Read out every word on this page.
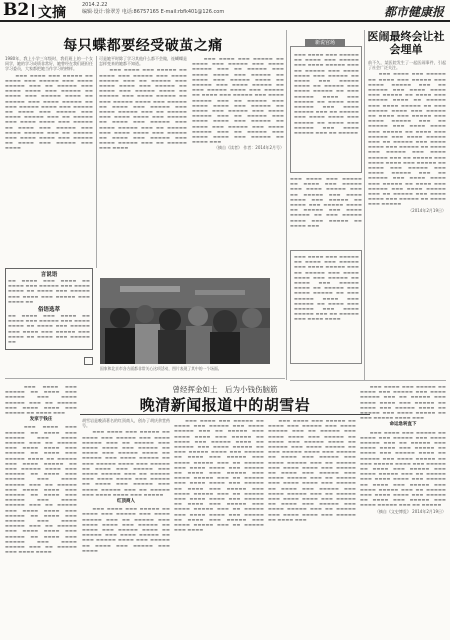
B2 文摘	2014.2.22
编辑·设计:徐翠芳 电话:86757165 E-mail:rbfk401@126.com	都市健康报
每只蝶都要经受破茧之痛

1980年，我上小学三年级时，我们班上的一个女同学，她的学习成绩非常好，她曾经在我们班担任学习委员，大家都把她当作学习的榜样。

　　▬▬▬ ▬▬▬▬ ▬▬▬ ▬▬▬▬▬ ▬▬ ▬▬▬▬ ▬▬▬ ▬▬▬▬▬ ▬▬▬ ▬▬▬▬ ▬▬▬▬▬ ▬▬▬ ▬▬ ▬▬▬▬▬ ▬▬▬ ▬▬▬▬ ▬▬▬▬ ▬▬▬ ▬▬▬▬▬ ▬▬ ▬▬▬▬ ▬▬▬ ▬▬▬▬▬ ▬▬▬▬ ▬▬ ▬▬▬▬▬ ▬▬▬ ▬▬▬▬ ▬▬▬▬▬ ▬▬ ▬▬▬ ▬▬▬▬▬ ▬▬▬▬ ▬▬▬ ▬▬▬▬▬ ▬▬ ▬▬▬▬ ▬▬▬ ▬▬▬▬▬ ▬▬▬ ▬▬▬▬ ▬▬▬▬▬ ▬▬▬ ▬▬ ▬▬▬▬▬ ▬▬▬ ▬▬▬▬ ▬▬▬▬ ▬▬▬ ▬▬▬▬▬ ▬▬ ▬▬▬▬ ▬▬▬ ▬▬▬▬▬ ▬▬▬ ▬▬▬▬ ▬▬▬▬▬ ▬▬▬ ▬▬ ▬▬▬▬▬ ▬▬▬ ▬▬▬▬ ▬▬▬▬ ▬▬▬ ▬▬▬▬▬ ▬▬ ▬▬▬▬ ▬▬▬ ▬▬▬▬▬ ▬▬▬ ▬▬▬▬

可是她平时除了学习其他什么都不会做，连蝴蝶是怎样变来的她都不知道。

　　▬▬▬ ▬▬▬▬ ▬▬▬ ▬▬▬▬▬ ▬▬ ▬▬▬▬ ▬▬▬ ▬▬▬▬▬ ▬▬▬ ▬▬▬▬ ▬▬▬▬▬ ▬▬▬ ▬▬ ▬▬▬▬▬ ▬▬▬ ▬▬▬▬ ▬▬▬▬ ▬▬▬ ▬▬▬▬▬ ▬▬ ▬▬▬▬ ▬▬▬ ▬▬▬▬▬ ▬▬▬▬ ▬▬ ▬▬▬▬▬ ▬▬▬ ▬▬▬▬ ▬▬▬▬▬ ▬▬ ▬▬▬ ▬▬▬▬▬ ▬▬▬▬ ▬▬▬ ▬▬▬▬▬ ▬▬ ▬▬▬▬ ▬▬▬ ▬▬▬▬▬ ▬▬▬ ▬▬▬▬ ▬▬▬▬▬ ▬▬▬ ▬▬ ▬▬▬▬▬ ▬▬▬ ▬▬▬▬ ▬▬▬▬ ▬▬▬ ▬▬▬▬▬ ▬▬ ▬▬▬▬ ▬▬▬ ▬▬▬▬▬ ▬▬▬ ▬▬▬▬ ▬▬▬▬▬ ▬▬▬ ▬▬ ▬▬▬▬▬ ▬▬▬ ▬▬▬▬ ▬▬▬▬ ▬▬▬ ▬▬▬▬▬ ▬▬ ▬▬▬▬ ▬▬▬ ▬▬▬▬▬ ▬▬▬ ▬▬▬▬ ▬▬▬▬▬ ▬▬▬ ▬▬ ▬▬▬▬▬ ▬▬▬ ▬▬▬▬

　　▬▬▬ ▬▬▬▬ ▬▬▬ ▬▬▬▬▬ ▬▬ ▬▬▬▬ ▬▬▬ ▬▬▬▬▬ ▬▬▬ ▬▬▬▬ ▬▬▬▬▬ ▬▬▬ ▬▬ ▬▬▬▬▬ ▬▬▬ ▬▬▬▬ ▬▬▬▬ ▬▬▬ ▬▬▬▬▬ ▬▬ ▬▬▬▬ ▬▬▬ ▬▬▬▬▬ ▬▬▬▬ ▬▬ ▬▬▬▬▬ ▬▬▬ ▬▬▬▬ ▬▬▬▬▬ ▬▬ ▬▬▬ ▬▬▬▬▬ ▬▬▬▬ ▬▬▬ ▬▬▬▬▬ ▬▬ ▬▬▬▬ ▬▬▬ ▬▬▬▬▬ ▬▬▬ ▬▬▬▬ ▬▬▬▬▬ ▬▬▬ ▬▬ ▬▬▬▬▬ ▬▬▬ ▬▬▬▬ ▬▬▬▬ ▬▬▬ ▬▬▬▬▬ ▬▬ ▬▬▬▬ ▬▬▬ ▬▬▬▬▬ ▬▬▬ ▬▬▬▬ ▬▬▬▬▬ ▬▬▬ ▬▬ ▬▬▬▬▬ ▬▬▬ ▬▬▬▬ ▬▬▬▬ ▬▬▬ ▬▬▬▬▬ ▬▬ ▬▬▬▬ ▬▬▬ ▬▬▬▬▬ ▬▬▬ ▬▬▬▬ ▬▬▬▬▬ ▬▬▬ ▬▬ ▬▬▬▬▬ ▬▬▬ ▬▬▬▬ ▬▬▬▬ ▬▬▬ ▬▬▬▬▬ ▬▬ ▬▬▬▬ ▬▬▬

（摘自《读者》 作者：2014年2月号）

言说语
▬▬ ▬▬▬▬ ▬▬▬ ▬▬▬▬ ▬▬ ▬▬▬▬ ▬▬▬ ▬▬▬▬▬ ▬▬▬ ▬▬▬▬ ▬▬▬▬ ▬▬ ▬▬▬▬ ▬▬▬ ▬▬▬▬▬ ▬▬▬ ▬▬▬▬ ▬▬▬ ▬▬▬▬▬ ▬▬▬ ▬▬▬▬ ▬▬
俗语选萃
▬▬ ▬▬▬▬ ▬▬▬ ▬▬▬▬ ▬▬ ▬▬▬▬ ▬▬▬ ▬▬▬▬▬ ▬▬▬ ▬▬▬▬ ▬▬▬▬ ▬▬ ▬▬▬▬ ▬▬▬ ▬▬▬▬▬ ▬▬▬ ▬▬▬▬ ▬▬▬ ▬▬▬▬▬ ▬▬▬ ▬▬▬▬ ▬▬ ▬▬▬▬ ▬▬▬ ▬▬▬▬▬ ▬▬
国家和北京市各方面都非常关心这项活动，图片表现了其中的一个场面。
新说官场
▬▬▬ ▬▬▬▬ ▬▬▬ ▬▬▬▬▬ ▬▬ ▬▬▬▬ ▬▬▬ ▬▬▬▬▬ ▬▬▬ ▬▬▬▬ ▬▬▬▬▬ ▬▬▬ ▬▬ ▬▬▬▬▬ ▬▬▬ ▬▬▬▬ ▬▬▬▬ ▬▬▬ ▬▬▬▬▬ ▬▬ ▬▬▬▬ ▬▬▬ ▬▬▬▬▬ ▬▬▬▬ ▬▬ ▬▬▬▬▬ ▬▬▬ ▬▬▬▬ ▬▬▬▬▬ ▬▬ ▬▬▬ ▬▬▬▬▬ ▬▬▬▬ ▬▬▬ ▬▬▬▬▬ ▬▬ ▬▬▬▬ ▬▬▬ ▬▬▬▬▬ ▬▬▬ ▬▬▬▬ ▬▬▬▬▬ ▬▬▬ ▬▬ ▬▬▬▬▬ ▬▬▬ ▬▬▬▬ ▬▬▬▬ ▬▬▬ ▬▬▬▬▬ ▬▬ ▬▬▬▬ ▬▬▬ ▬▬▬▬▬ ▬▬▬ ▬▬▬▬ ▬▬▬▬▬ ▬▬▬ ▬▬ ▬▬▬▬▬
▬▬▬ ▬▬▬▬ ▬▬▬ ▬▬▬▬▬ ▬▬ ▬▬▬▬ ▬▬▬ ▬▬▬▬▬ ▬▬▬ ▬▬▬▬ ▬▬▬▬▬ ▬▬▬ ▬▬ ▬▬▬▬▬ ▬▬▬ ▬▬▬▬ ▬▬▬▬ ▬▬▬ ▬▬▬▬▬ ▬▬ ▬▬▬▬ ▬▬▬ ▬▬▬▬▬ ▬▬▬▬ ▬▬ ▬▬▬▬▬ ▬▬▬ ▬▬▬▬ ▬▬▬▬▬ ▬▬ ▬▬▬ ▬▬▬▬▬ ▬▬▬▬ ▬▬▬ ▬▬▬▬▬ ▬▬ ▬▬▬▬ ▬▬▬
▬▬▬ ▬▬▬▬ ▬▬▬ ▬▬▬▬▬ ▬▬ ▬▬▬▬ ▬▬▬ ▬▬▬▬▬ ▬▬▬ ▬▬▬▬ ▬▬▬▬▬ ▬▬▬ ▬▬ ▬▬▬▬▬ ▬▬▬ ▬▬▬▬ ▬▬▬▬ ▬▬▬ ▬▬▬▬▬ ▬▬ ▬▬▬▬ ▬▬▬ ▬▬▬▬▬ ▬▬▬▬ ▬▬ ▬▬▬▬▬ ▬▬▬ ▬▬▬▬ ▬▬▬▬▬ ▬▬ ▬▬▬ ▬▬▬▬▬ ▬▬▬▬ ▬▬▬ ▬▬▬▬▬ ▬▬ ▬▬▬▬ ▬▬▬ ▬▬▬▬▬ ▬▬▬ ▬▬▬▬ ▬▬▬▬▬ ▬▬▬ ▬▬ ▬▬▬▬▬ ▬▬▬ ▬▬▬▬ ▬▬▬▬
医闹最终会让社会埋单

前不久，某医院发生了一起医闹事件，引起了社会广泛关注。

　　▬▬▬ ▬▬▬▬ ▬▬▬ ▬▬▬▬▬ ▬▬ ▬▬▬▬ ▬▬▬ ▬▬▬▬▬ ▬▬▬ ▬▬▬▬ ▬▬▬▬▬ ▬▬▬ ▬▬ ▬▬▬▬▬ ▬▬▬ ▬▬▬▬ ▬▬▬▬ ▬▬▬ ▬▬▬▬▬ ▬▬ ▬▬▬▬ ▬▬▬ ▬▬▬▬▬ ▬▬▬▬ ▬▬ ▬▬▬▬▬ ▬▬▬ ▬▬▬▬ ▬▬▬▬▬ ▬▬ ▬▬▬ ▬▬▬▬▬ ▬▬▬▬ ▬▬▬ ▬▬▬▬▬ ▬▬ ▬▬▬▬ ▬▬▬ ▬▬▬▬▬ ▬▬▬ ▬▬▬▬ ▬▬▬▬▬ ▬▬▬ ▬▬ ▬▬▬▬▬ ▬▬▬ ▬▬▬▬ ▬▬▬▬ ▬▬▬ ▬▬▬▬▬ ▬▬ ▬▬▬▬ ▬▬▬ ▬▬▬▬▬ ▬▬▬ ▬▬▬▬ ▬▬▬▬▬ ▬▬▬ ▬▬ ▬▬▬▬▬ ▬▬▬ ▬▬▬▬ ▬▬▬▬ ▬▬▬ ▬▬▬▬▬ ▬▬ ▬▬▬▬ ▬▬▬ ▬▬▬▬▬ ▬▬▬ ▬▬▬▬ ▬▬▬▬▬ ▬▬▬ ▬▬ ▬▬▬▬▬ ▬▬▬ ▬▬▬▬ ▬▬▬▬ ▬▬▬ ▬▬▬▬▬ ▬▬ ▬▬▬▬ ▬▬▬ ▬▬▬▬▬ ▬▬▬ ▬▬▬▬ ▬▬▬▬▬ ▬▬▬ ▬▬ ▬▬▬▬▬ ▬▬▬ ▬▬▬▬ ▬▬▬▬ ▬▬▬ ▬▬▬▬▬ ▬▬ ▬▬▬▬ ▬▬▬ ▬▬▬▬▬ ▬▬▬ ▬▬▬▬ ▬▬▬▬▬ ▬▬▬ ▬▬ ▬▬▬▬▬ ▬▬▬ ▬▬▬▬ ▬▬▬▬ ▬▬▬ ▬▬▬▬▬ ▬▬ ▬▬▬▬ ▬▬▬ ▬▬▬▬▬

（2014年2月19日）

曾经挥金如土　后为小钱伤脑筋
晚清新闻报道中的胡雪岩

　　▬▬▬ ▬▬▬▬ ▬▬▬ ▬▬▬▬▬ ▬▬ ▬▬▬▬ ▬▬▬ ▬▬▬▬▬ ▬▬▬ ▬▬▬▬ ▬▬▬▬▬ ▬▬▬ ▬▬ ▬▬▬▬▬ ▬▬▬ ▬▬▬▬ ▬▬▬▬ ▬▬▬ ▬▬▬▬▬ ▬▬ ▬▬▬▬ ▬▬▬

发家于钱庄

　　▬▬▬ ▬▬▬▬ ▬▬▬ ▬▬▬▬▬ ▬▬ ▬▬▬▬ ▬▬▬ ▬▬▬▬▬ ▬▬▬ ▬▬▬▬ ▬▬▬▬▬ ▬▬▬ ▬▬ ▬▬▬▬▬ ▬▬▬ ▬▬▬▬ ▬▬▬▬ ▬▬▬ ▬▬▬▬▬ ▬▬ ▬▬▬▬ ▬▬▬ ▬▬▬▬▬ ▬▬▬▬ ▬▬ ▬▬▬▬▬ ▬▬▬ ▬▬▬▬ ▬▬▬▬▬ ▬▬ ▬▬▬ ▬▬▬▬▬ ▬▬▬▬ ▬▬▬ ▬▬▬▬▬ ▬▬ ▬▬▬▬ ▬▬▬ ▬▬▬▬▬ ▬▬▬ ▬▬▬▬ ▬▬▬▬▬ ▬▬▬ ▬▬ ▬▬▬▬▬ ▬▬▬ ▬▬▬▬ ▬▬▬▬ ▬▬▬ ▬▬▬▬▬ ▬▬ ▬▬▬▬ ▬▬▬ ▬▬▬▬▬ ▬▬▬ ▬▬▬▬ ▬▬▬▬▬ ▬▬▬ ▬▬ ▬▬▬▬▬ ▬▬▬ ▬▬▬▬ ▬▬▬▬ ▬▬▬ ▬▬▬▬▬ ▬▬ ▬▬▬▬ ▬▬▬ ▬▬▬▬▬ ▬▬▬ ▬▬▬▬ ▬▬▬▬▬ ▬▬▬ ▬▬ ▬▬▬▬▬ ▬▬▬ ▬▬▬▬ ▬▬▬▬ ▬▬▬ ▬▬▬▬▬ ▬▬ ▬▬▬▬ ▬▬▬ ▬▬▬▬▬ ▬▬▬ ▬▬▬▬ ▬▬▬▬▬ ▬▬▬ ▬▬ ▬▬▬▬▬ ▬▬▬ ▬▬▬▬ ▬▬▬▬

胡雪岩是晚清著名的红顶商人，创办了胡庆余堂药号。

　　▬▬▬ ▬▬▬▬ ▬▬▬ ▬▬▬▬▬ ▬▬ ▬▬▬▬ ▬▬▬ ▬▬▬▬▬ ▬▬▬ ▬▬▬▬ ▬▬▬▬▬ ▬▬▬ ▬▬ ▬▬▬▬▬ ▬▬▬ ▬▬▬▬ ▬▬▬▬ ▬▬▬ ▬▬▬▬▬ ▬▬ ▬▬▬▬ ▬▬▬ ▬▬▬▬▬ ▬▬▬▬ ▬▬ ▬▬▬▬▬ ▬▬▬ ▬▬▬▬ ▬▬▬▬▬ ▬▬ ▬▬▬ ▬▬▬▬▬ ▬▬▬▬ ▬▬▬ ▬▬▬▬▬ ▬▬ ▬▬▬▬ ▬▬▬ ▬▬▬▬▬ ▬▬▬ ▬▬▬▬ ▬▬▬▬▬ ▬▬▬ ▬▬ ▬▬▬▬▬ ▬▬▬ ▬▬▬▬ ▬▬▬▬ ▬▬▬ ▬▬▬▬▬ ▬▬ ▬▬▬▬ ▬▬▬ ▬▬▬▬▬ ▬▬▬ ▬▬▬▬ ▬▬▬▬▬ ▬▬▬ ▬▬ ▬▬▬▬▬ ▬▬▬ ▬▬▬▬ ▬▬▬▬ ▬▬▬ ▬▬▬▬▬

红顶商人

　　▬▬▬ ▬▬▬▬ ▬▬▬ ▬▬▬▬▬ ▬▬ ▬▬▬▬ ▬▬▬ ▬▬▬▬▬ ▬▬▬ ▬▬▬▬ ▬▬▬▬▬ ▬▬▬ ▬▬ ▬▬▬▬▬ ▬▬▬ ▬▬▬▬ ▬▬▬▬ ▬▬▬ ▬▬▬▬▬ ▬▬ ▬▬▬▬ ▬▬▬ ▬▬▬▬▬ ▬▬▬▬ ▬▬ ▬▬▬▬▬ ▬▬▬ ▬▬▬▬ ▬▬▬▬▬ ▬▬ ▬▬▬ ▬▬▬▬▬ ▬▬▬▬ ▬▬▬ ▬▬▬▬▬ ▬▬ ▬▬▬▬ ▬▬▬ ▬▬▬▬▬ ▬▬▬ ▬▬▬▬

　　▬▬▬ ▬▬▬▬ ▬▬▬ ▬▬▬▬▬ ▬▬ ▬▬▬▬ ▬▬▬ ▬▬▬▬▬ ▬▬▬ ▬▬▬▬ ▬▬▬▬▬ ▬▬▬ ▬▬ ▬▬▬▬▬ ▬▬▬ ▬▬▬▬ ▬▬▬▬ ▬▬▬ ▬▬▬▬▬ ▬▬ ▬▬▬▬ ▬▬▬ ▬▬▬▬▬ ▬▬▬▬ ▬▬ ▬▬▬▬▬ ▬▬▬ ▬▬▬▬ ▬▬▬▬▬ ▬▬ ▬▬▬ ▬▬▬▬▬ ▬▬▬▬ ▬▬▬ ▬▬▬▬▬ ▬▬ ▬▬▬▬ ▬▬▬ ▬▬▬▬▬ ▬▬▬ ▬▬▬▬ ▬▬▬▬▬ ▬▬▬ ▬▬ ▬▬▬▬▬ ▬▬▬ ▬▬▬▬ ▬▬▬▬ ▬▬▬ ▬▬▬▬▬ ▬▬ ▬▬▬▬ ▬▬▬ ▬▬▬▬▬ ▬▬▬ ▬▬▬▬ ▬▬▬▬▬ ▬▬▬ ▬▬ ▬▬▬▬▬ ▬▬▬ ▬▬▬▬ ▬▬▬▬ ▬▬▬ ▬▬▬▬▬ ▬▬ ▬▬▬▬ ▬▬▬ ▬▬▬▬▬ ▬▬▬ ▬▬▬▬ ▬▬▬▬▬ ▬▬▬ ▬▬ ▬▬▬▬▬ ▬▬▬ ▬▬▬▬ ▬▬▬▬ ▬▬▬ ▬▬▬▬▬ ▬▬ ▬▬▬▬ ▬▬▬ ▬▬▬▬▬ ▬▬▬ ▬▬▬▬ ▬▬▬▬▬ ▬▬▬ ▬▬ ▬▬▬▬▬ ▬▬▬ ▬▬▬▬ ▬▬▬▬ ▬▬▬ ▬▬▬▬▬ ▬▬ ▬▬▬▬ ▬▬▬ ▬▬▬▬▬ ▬▬▬ ▬▬▬▬ ▬▬▬▬▬ ▬▬▬ ▬▬ ▬▬▬▬▬ ▬▬▬ ▬▬▬▬

　　▬▬▬ ▬▬▬▬ ▬▬▬ ▬▬▬▬▬ ▬▬ ▬▬▬▬ ▬▬▬ ▬▬▬▬▬ ▬▬▬ ▬▬▬▬ ▬▬▬▬▬ ▬▬▬ ▬▬ ▬▬▬▬▬ ▬▬▬ ▬▬▬▬ ▬▬▬▬ ▬▬▬ ▬▬▬▬▬ ▬▬ ▬▬▬▬ ▬▬▬ ▬▬▬▬▬ ▬▬▬▬ ▬▬ ▬▬▬▬▬ ▬▬▬ ▬▬▬▬ ▬▬▬▬▬ ▬▬ ▬▬▬ ▬▬▬▬▬ ▬▬▬▬ ▬▬▬ ▬▬▬▬▬ ▬▬ ▬▬▬▬ ▬▬▬ ▬▬▬▬▬ ▬▬▬ ▬▬▬▬ ▬▬▬▬▬ ▬▬▬ ▬▬ ▬▬▬▬▬ ▬▬▬ ▬▬▬▬ ▬▬▬▬ ▬▬▬ ▬▬▬▬▬ ▬▬ ▬▬▬▬ ▬▬▬ ▬▬▬▬▬ ▬▬▬ ▬▬▬▬ ▬▬▬▬▬ ▬▬▬ ▬▬ ▬▬▬▬▬ ▬▬▬ ▬▬▬▬ ▬▬▬▬ ▬▬▬ ▬▬▬▬▬ ▬▬ ▬▬▬▬ ▬▬▬ ▬▬▬▬▬ ▬▬▬ ▬▬▬▬ ▬▬▬▬▬ ▬▬▬ ▬▬ ▬▬▬▬▬ ▬▬▬ ▬▬▬▬ ▬▬▬▬ ▬▬▬ ▬▬▬▬▬ ▬▬ ▬▬▬▬ ▬▬▬ ▬▬▬▬▬ ▬▬▬ ▬▬▬▬ ▬▬▬▬▬ ▬▬▬ ▬▬ ▬▬▬▬▬ ▬▬▬ ▬▬▬▬ ▬▬▬▬ ▬▬▬ ▬▬▬▬▬ ▬▬ ▬▬▬▬ ▬▬▬

　　▬▬▬ ▬▬▬▬ ▬▬▬ ▬▬▬▬▬ ▬▬ ▬▬▬▬ ▬▬▬ ▬▬▬▬▬ ▬▬▬ ▬▬▬▬ ▬▬▬▬▬ ▬▬▬ ▬▬ ▬▬▬▬▬ ▬▬▬ ▬▬▬▬ ▬▬▬▬ ▬▬▬ ▬▬▬▬▬ ▬▬ ▬▬▬▬ ▬▬▬ ▬▬▬▬▬ ▬▬▬▬ ▬▬ ▬▬▬▬▬ ▬▬▬ ▬▬▬▬ ▬▬▬▬▬ ▬▬ ▬▬▬ ▬▬▬▬▬ ▬▬▬▬ ▬▬▬

命运急转直下

　　▬▬▬ ▬▬▬▬ ▬▬▬ ▬▬▬▬▬ ▬▬ ▬▬▬▬ ▬▬▬ ▬▬▬▬▬ ▬▬▬ ▬▬▬▬ ▬▬▬▬▬ ▬▬▬ ▬▬ ▬▬▬▬▬ ▬▬▬ ▬▬▬▬ ▬▬▬▬ ▬▬▬ ▬▬▬▬▬ ▬▬ ▬▬▬▬ ▬▬▬ ▬▬▬▬▬ ▬▬▬▬ ▬▬ ▬▬▬▬▬ ▬▬▬ ▬▬▬▬ ▬▬▬▬▬ ▬▬ ▬▬▬ ▬▬▬▬▬ ▬▬▬▬ ▬▬▬ ▬▬▬▬▬ ▬▬ ▬▬▬▬ ▬▬▬ ▬▬▬▬▬ ▬▬▬ ▬▬▬▬ ▬▬▬▬▬ ▬▬▬ ▬▬ ▬▬▬▬▬ ▬▬▬ ▬▬▬▬ ▬▬▬▬ ▬▬▬ ▬▬▬▬▬ ▬▬ ▬▬▬▬ ▬▬▬ ▬▬▬▬▬ ▬▬▬ ▬▬▬▬ ▬▬▬▬▬ ▬▬▬ ▬▬ ▬▬▬▬▬ ▬▬▬ ▬▬▬▬ ▬▬▬▬ ▬▬▬ ▬▬▬▬▬ ▬▬ ▬▬▬▬ ▬▬▬ ▬▬▬▬▬ ▬▬▬ ▬▬▬▬ ▬▬▬▬▬ ▬▬▬ ▬▬ ▬▬▬▬▬

（摘自《文史博览》 2014年2月19日）
